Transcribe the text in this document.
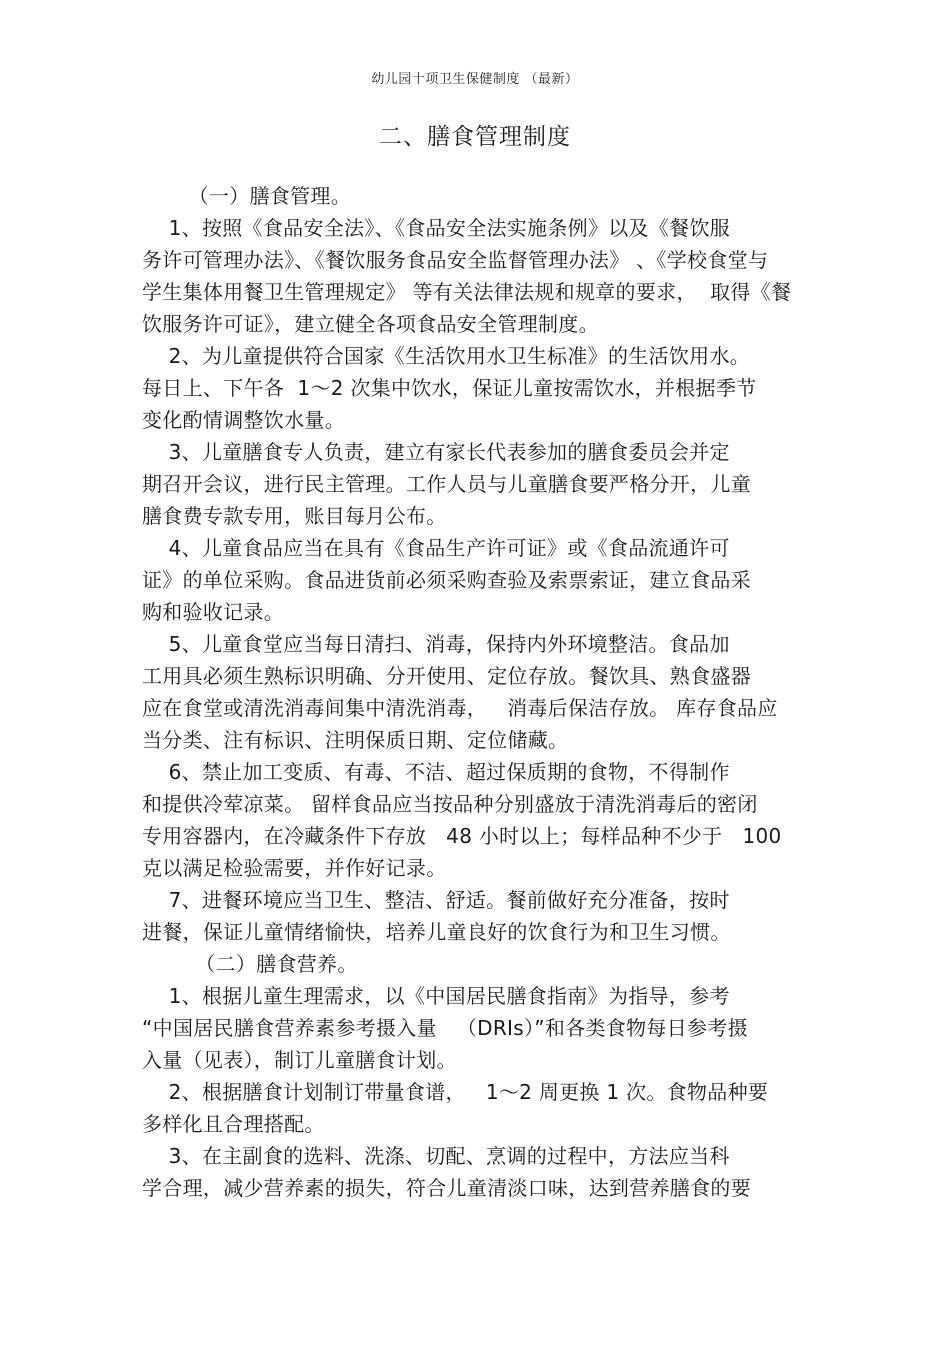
幼儿园十项卫生保健制度 （最新）
二、膳食管理制度
（一）膳食管理。
1、按照《食品安全法》、《食品安全法实施条例》以及《餐饮服
务许可管理办法》、《餐饮服务食品安全监督管理办法》 、《学校食堂与
学生集体用餐卫生管理规定》 等有关法律法规和规章的要求，  取得《餐
饮服务许可证》，建立健全各项食品安全管理制度。
2、为儿童提供符合国家《生活饮用水卫生标准》的生活饮用水。
每日上、下午各  1～2 次集中饮水，保证儿童按需饮水，并根据季节
变化酌情调整饮水量。
3、儿童膳食专人负责，建立有家长代表参加的膳食委员会并定
期召开会议，进行民主管理。工作人员与儿童膳食要严格分开，儿童
膳食费专款专用，账目每月公布。
4、儿童食品应当在具有《食品生产许可证》或《食品流通许可
证》的单位采购。食品进货前必须采购查验及索票索证，建立食品采
购和验收记录。
5、儿童食堂应当每日清扫、消毒，保持内外环境整洁。食品加
工用具必须生熟标识明确、分开使用、定位存放。餐饮具、熟食盛器
应在食堂或清洗消毒间集中清洗消毒，   消毒后保洁存放。 库存食品应
当分类、注有标识、注明保质日期、定位储藏。
6、禁止加工变质、有毒、不洁、超过保质期的食物，不得制作
和提供冷荤凉菜。 留样食品应当按品种分别盛放于清洗消毒后的密闭
专用容器内，在冷藏条件下存放   48 小时以上；每样品种不少于   100
克以满足检验需要，并作好记录。
7、进餐环境应当卫生、整洁、舒适。餐前做好充分准备，按时
进餐，保证儿童情绪愉快，培养儿童良好的饮食行为和卫生习惯。
（二）膳食营养。
1、根据儿童生理需求，以《中国居民膳食指南》为指导，参考
“中国居民膳食营养素参考摄入量   （DRIs）”和各类食物每日参考摄
入量（见表），制订儿童膳食计划。
2、根据膳食计划制订带量食谱，   1～2 周更换 1 次。食物品种要
多样化且合理搭配。
3、在主副食的选料、洗涤、切配、烹调的过程中，方法应当科
学合理，减少营养素的损失，符合儿童清淡口味，达到营养膳食的要
